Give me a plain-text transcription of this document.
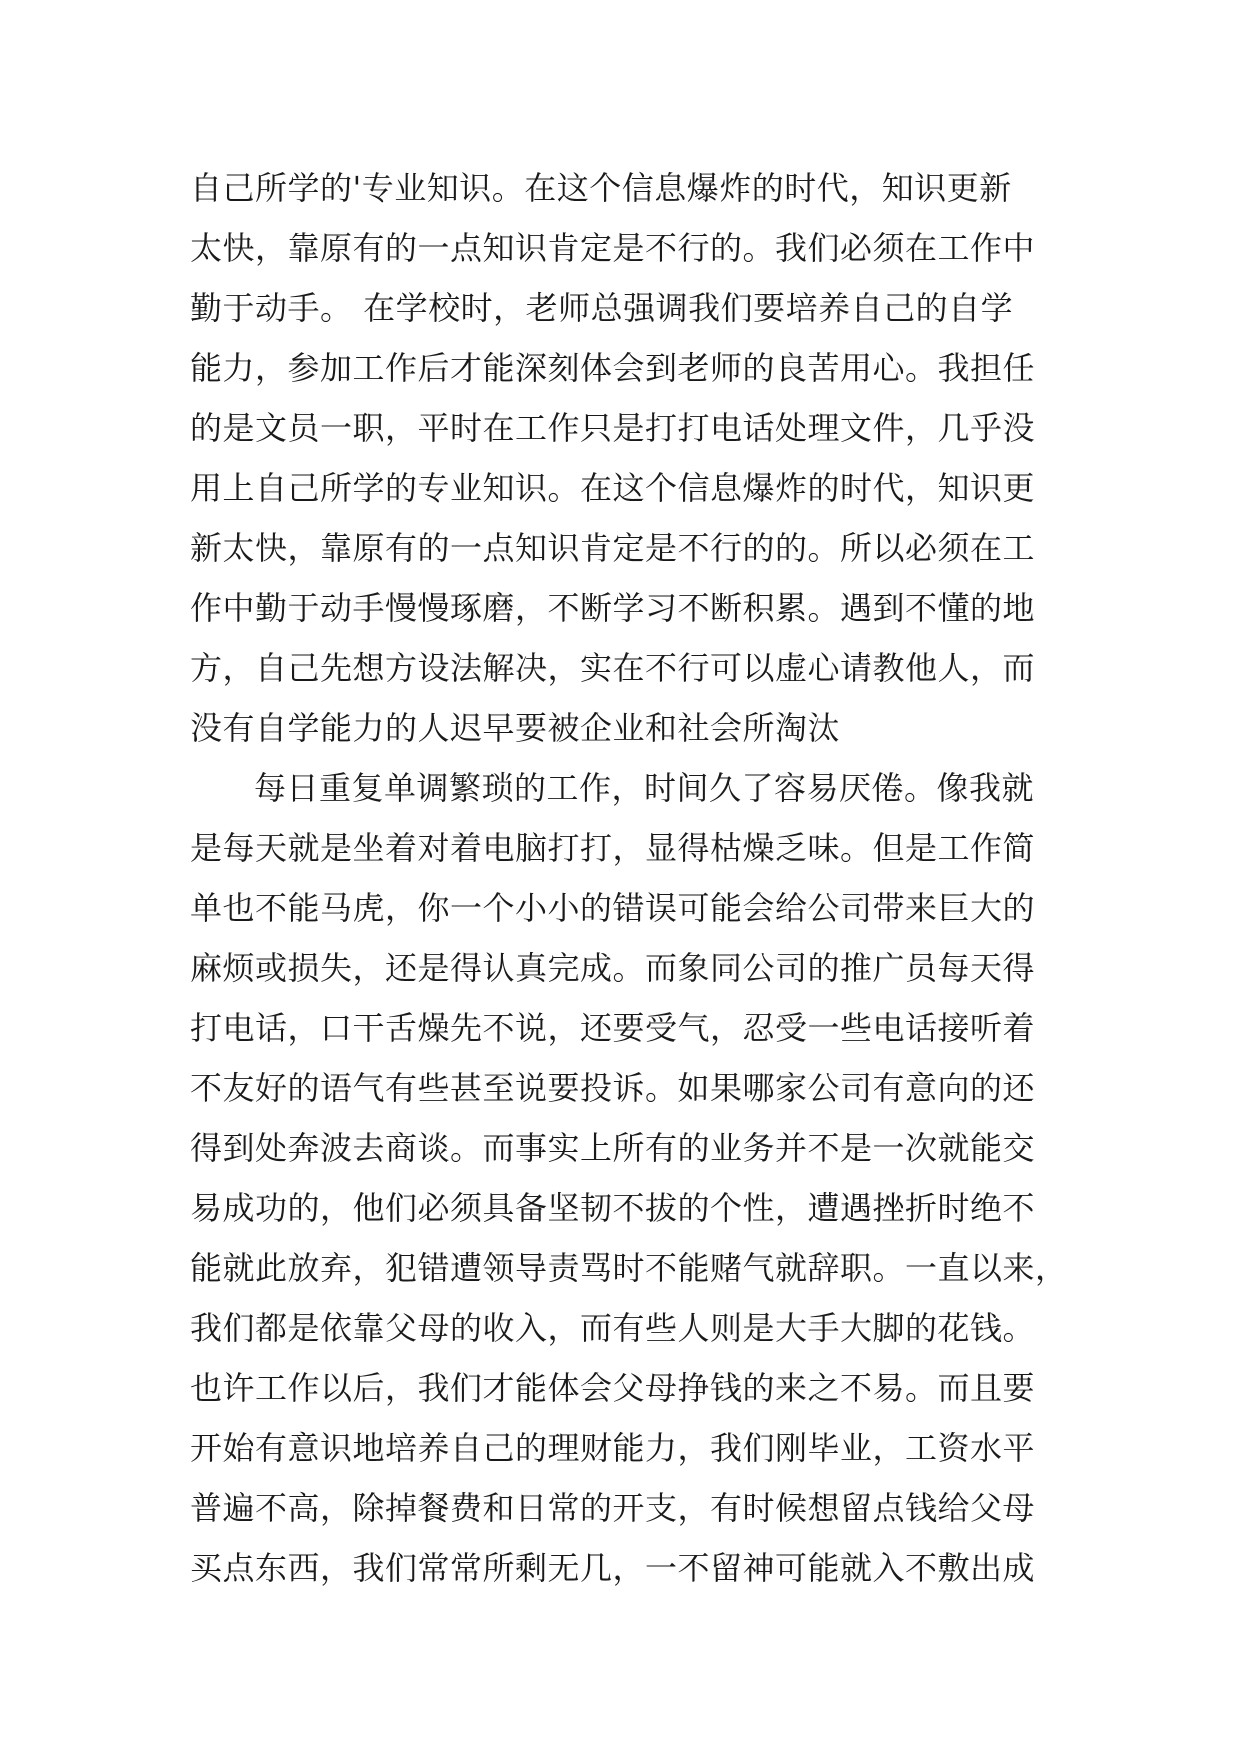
自己所学的'专业知识。在这个信息爆炸的时代，知识更新
太快，靠原有的一点知识肯定是不行的。我们必须在工作中
勤于动手。 在学校时，老师总强调我们要培养自己的自学
能力，参加工作后才能深刻体会到老师的良苦用心。我担任
的是文员一职，平时在工作只是打打电话处理文件，几乎没
用上自己所学的专业知识。在这个信息爆炸的时代，知识更
新太快，靠原有的一点知识肯定是不行的的。所以必须在工
作中勤于动手慢慢琢磨，不断学习不断积累。遇到不懂的地
方，自己先想方设法解决，实在不行可以虚心请教他人，而
没有自学能力的人迟早要被企业和社会所淘汰
每日重复单调繁琐的工作，时间久了容易厌倦。像我就
是每天就是坐着对着电脑打打，显得枯燥乏味。但是工作简
单也不能马虎，你一个小小的错误可能会给公司带来巨大的
麻烦或损失，还是得认真完成。而象同公司的推广员每天得
打电话，口干舌燥先不说，还要受气，忍受一些电话接听着
不友好的语气有些甚至说要投诉。如果哪家公司有意向的还
得到处奔波去商谈。而事实上所有的业务并不是一次就能交
易成功的，他们必须具备坚韧不拔的个性，遭遇挫折时绝不
能就此放弃，犯错遭领导责骂时不能赌气就辞职。一直以来，
我们都是依靠父母的收入，而有些人则是大手大脚的花钱。
也许工作以后，我们才能体会父母挣钱的来之不易。而且要
开始有意识地培养自己的理财能力，我们刚毕业，工资水平
普遍不高，除掉餐费和日常的开支，有时候想留点钱给父母
买点东西，我们常常所剩无几，一不留神可能就入不敷出成
